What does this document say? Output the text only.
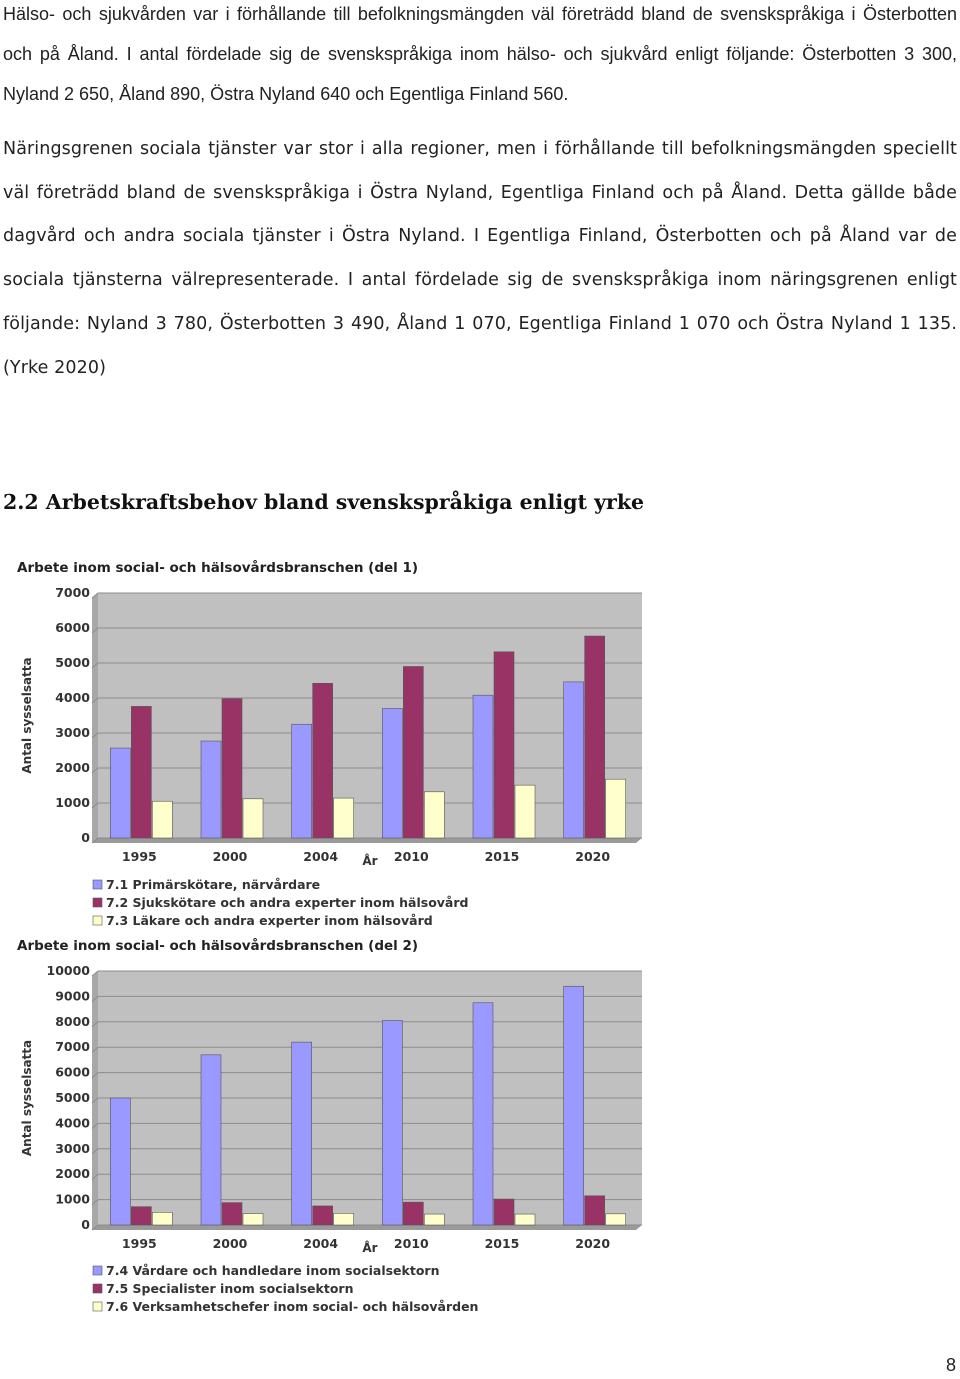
Hälso- och sjukvården var i förhållande till befolkningsmängden väl företrädd bland de svenskspråkiga i Österbotten och på Åland. I antal fördelade sig de svenskspråkiga inom hälso- och sjukvård enligt följande: Österbotten 3 300, Nyland 2 650, Åland 890, Östra Nyland 640 och Egentliga Finland 560.

Näringsgrenen sociala tjänster var stor i alla regioner, men i förhållande till befolkningsmängden speciellt väl företrädd bland de svenskspråkiga i Östra Nyland, Egentliga Finland och på Åland. Detta gällde både dagvård och andra sociala tjänster i Östra Nyland. I Egentliga Finland, Österbotten och på Åland var de sociala tjänsterna välrepresenterade. I antal fördelade sig de svenskspråkiga inom näringsgrenen enligt följande: Nyland 3 780, Österbotten 3 490, Åland 1 070, Egentliga Finland 1 070 och Östra Nyland 1 135. (Yrke 2020)

2.2 Arbetskraftsbehov bland svenskspråkiga enligt yrke
Arbete inom social- och hälsovårdsbranschen (del 1)
0
1000
2000
3000
4000
5000
6000
7000
Antal sysselsatta
1995	2000	2004	2010	2015	2020
År
7.1 Primärskötare, närvårdare
7.2 Sjukskötare och andra experter inom hälsovård
7.3 Läkare och andra experter inom hälsovård
Arbete inom social- och hälsovårdsbranschen (del 2)
0
1000
2000
3000
4000
5000
6000
7000
8000
9000
10000
Antal sysselsatta
1995	2000	2004	2010	2015	2020
År
7.4 Vårdare och handledare inom socialsektorn
7.5 Specialister inom socialsektorn
7.6 Verksamhetschefer inom social- och hälsovården
8
